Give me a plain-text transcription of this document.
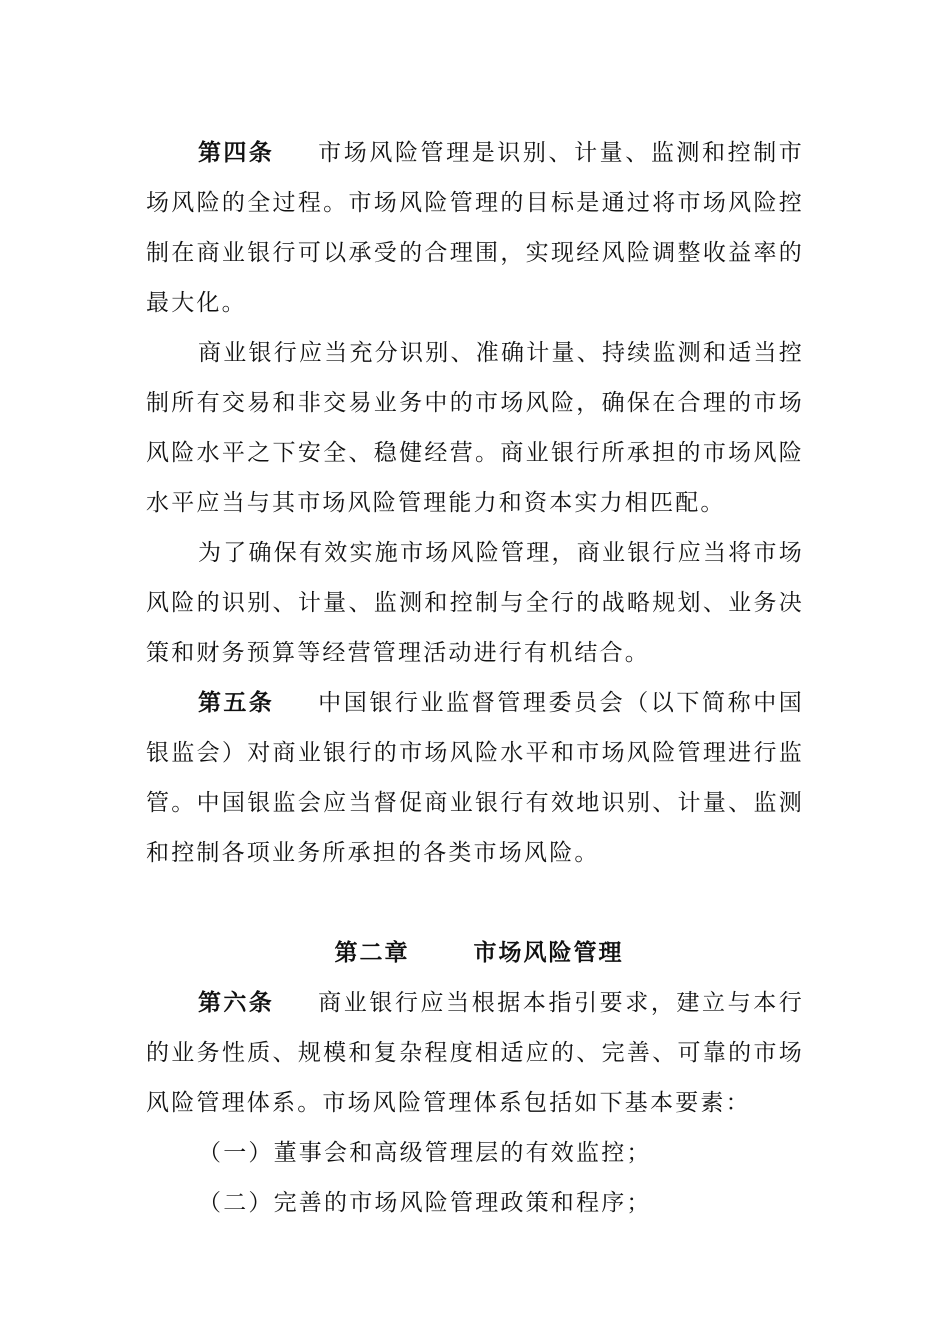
第四条 市场风险管理是识别、计量、监测和控制市场风险的全过程。市场风险管理的目标是通过将市场风险控制在商业银行可以承受的合理围，实现经风险调整收益率的最大化。

商业银行应当充分识别、准确计量、持续监测和适当控制所有交易和非交易业务中的市场风险，确保在合理的市场风险水平之下安全、稳健经营。商业银行所承担的市场风险水平应当与其市场风险管理能力和资本实力相匹配。

为了确保有效实施市场风险管理，商业银行应当将市场风险的识别、计量、监测和控制与全行的战略规划、业务决策和财务预算等经营管理活动进行有机结合。

第五条 中国银行业监督管理委员会（以下简称中国银监会）对商业银行的市场风险水平和市场风险管理进行监管。中国银监会应当督促商业银行有效地识别、计量、监测和控制各项业务所承担的各类市场风险。

第二章	市场风险管理

第六条 商业银行应当根据本指引要求，建立与本行的业务性质、规模和复杂程度相适应的、完善、可靠的市场风险管理体系。市场风险管理体系包括如下基本要素：

（一）董事会和高级管理层的有效监控；

（二）完善的市场风险管理政策和程序；
